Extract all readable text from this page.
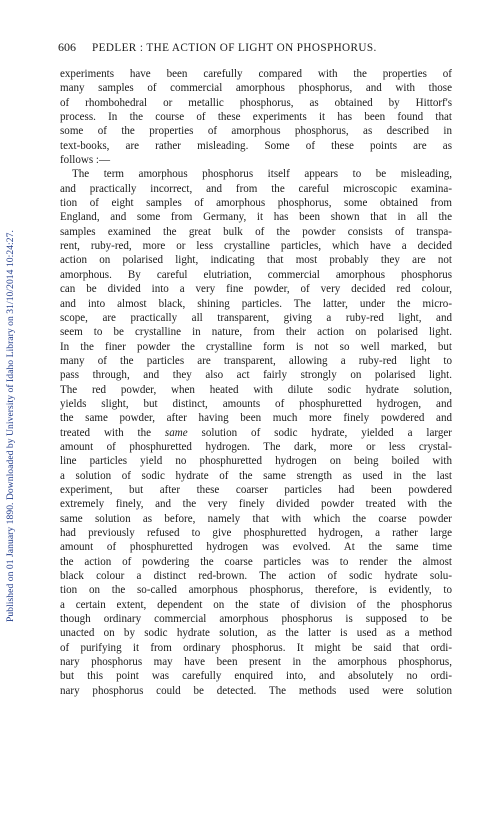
Published on 01 January 1890. Downloaded by University of Idaho Library on 31/10/2014 10:24:27.
606 PEDLER : THE ACTION OF LIGHT ON PHOSPHORUS.
experiments have been carefully compared with the properties of
many samples of commercial amorphous phosphorus, and with those
of rhombohedral or metallic phosphorus, as obtained by Hittorf's
process. In the course of these experiments it has been found that
some of the properties of amorphous phosphorus, as described in
text-books, are rather misleading. Some of these points are as
follows :—
The term amorphous phosphorus itself appears to be misleading,
and practically incorrect, and from the careful microscopic examina-
tion of eight samples of amorphous phosphorus, some obtained from
England, and some from Germany, it has been shown that in all the
samples examined the great bulk of the powder consists of transpa-
rent, ruby-red, more or less crystalline particles, which have a decided
action on polarised light, indicating that most probably they are not
amorphous. By careful elutriation, commercial amorphous phosphorus
can be divided into a very fine powder, of very decided red colour,
and into almost black, shining particles. The latter, under the micro-
scope, are practically all transparent, giving a ruby-red light, and
seem to be crystalline in nature, from their action on polarised light.
In the finer powder the crystalline form is not so well marked, but
many of the particles are transparent, allowing a ruby-red light to
pass through, and they also act fairly strongly on polarised light.
The red powder, when heated with dilute sodic hydrate solution,
yields slight, but distinct, amounts of phosphuretted hydrogen, and
the same powder, after having been much more finely powdered and
treated with the same solution of sodic hydrate, yielded a larger
amount of phosphuretted hydrogen. The dark, more or less crystal-
line particles yield no phosphuretted hydrogen on being boiled with
a solution of sodic hydrate of the same strength as used in the last
experiment, but after these coarser particles had been powdered
extremely finely, and the very finely divided powder treated with the
same solution as before, namely that with which the coarse powder
had previously refused to give phosphuretted hydrogen, a rather large
amount of phosphuretted hydrogen was evolved. At the same time
the action of powdering the coarse particles was to render the almost
black colour a distinct red-brown. The action of sodic hydrate solu-
tion on the so-called amorphous phosphorus, therefore, is evidently, to
a certain extent, dependent on the state of division of the phosphorus
though ordinary commercial amorphous phosphorus is supposed to be
unacted on by sodic hydrate solution, as the latter is used as a method
of purifying it from ordinary phosphorus. It might be said that ordi-
nary phosphorus may have been present in the amorphous phosphorus,
but this point was carefully enquired into, and absolutely no ordi-
nary phosphorus could be detected. The methods used were solution
